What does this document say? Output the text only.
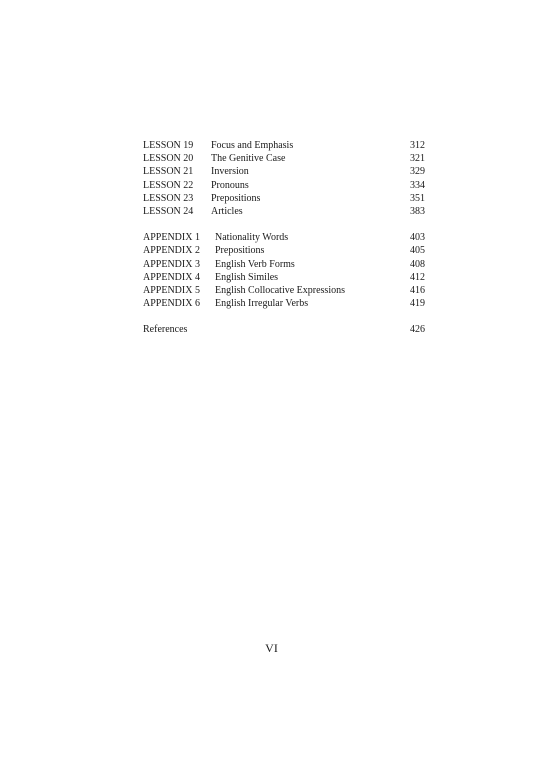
LESSON 19 Focus and Emphasis	312
LESSON 20 The Genitive Case	321
LESSON 21 Inversion	329
LESSON 22 Pronouns	334
LESSON 23 Prepositions	351
LESSON 24 Articles	383
APPENDIX 1 Nationality Words	403
APPENDIX 2 Prepositions	405
APPENDIX 3 English Verb Forms	408
APPENDIX 4 English Similes	412
APPENDIX 5 English Collocative Expressions	416
APPENDIX 6 English Irregular Verbs	419
References	426
VI
